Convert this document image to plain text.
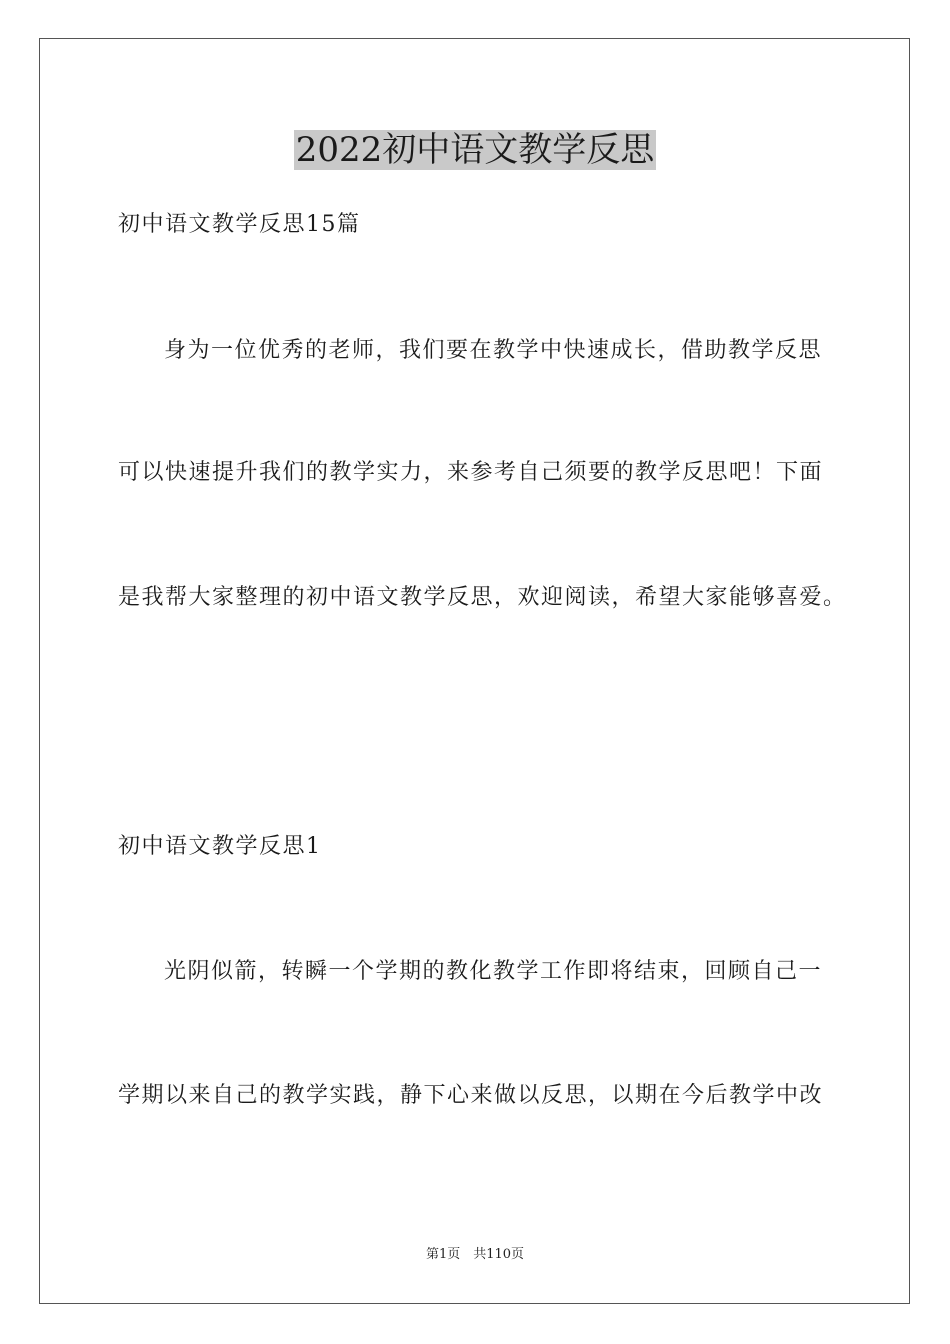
2022初中语文教学反思

初中语文教学反思15篇

身为一位优秀的老师，我们要在教学中快速成长，借助教学反思

可以快速提升我们的教学实力，来参考自己须要的教学反思吧！下面

是我帮大家整理的初中语文教学反思，欢迎阅读，希望大家能够喜爱。

初中语文教学反思1

光阴似箭，转瞬一个学期的教化教学工作即将结束，回顾自己一

学期以来自己的教学实践，静下心来做以反思，以期在今后教学中改

第1页　共110页
